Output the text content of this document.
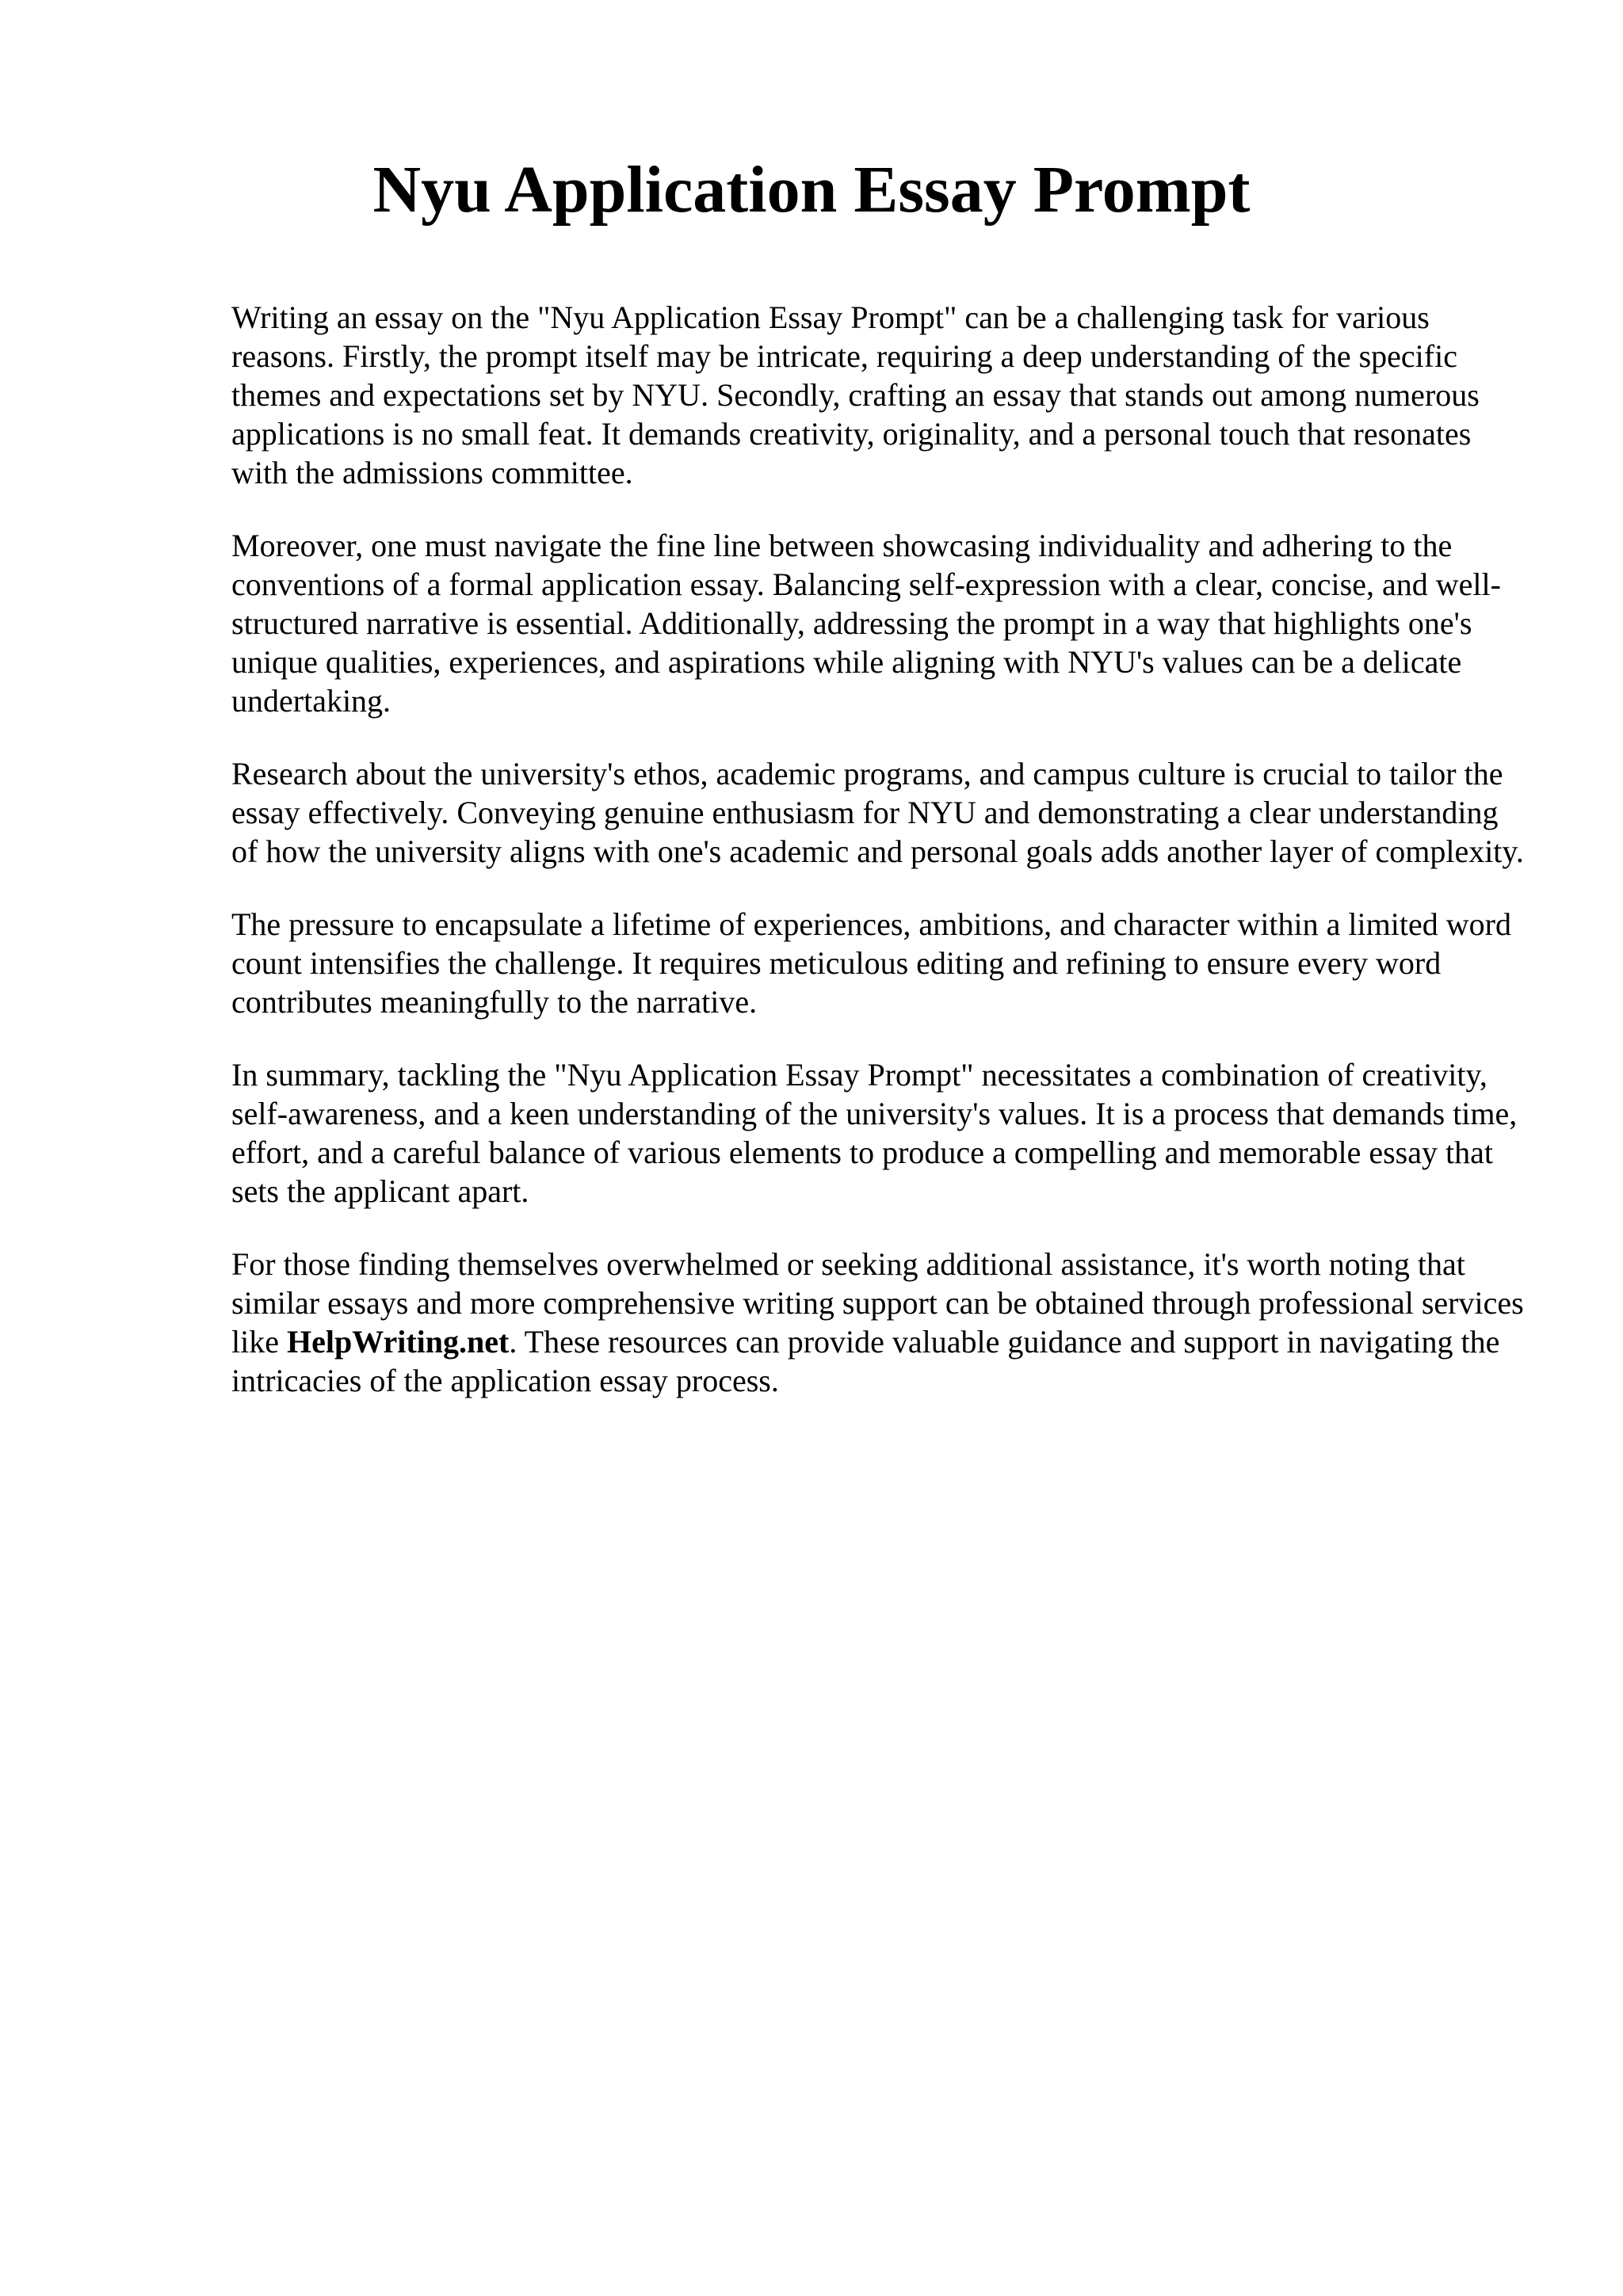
Nyu Application Essay Prompt

Writing an essay on the "Nyu Application Essay Prompt" can be a challenging task for various reasons. Firstly, the prompt itself may be intricate, requiring a deep understanding of the specific themes and expectations set by NYU. Secondly, crafting an essay that stands out among numerous applications is no small feat. It demands creativity, originality, and a personal touch that resonates with the admissions committee.

Moreover, one must navigate the fine line between showcasing individuality and adhering to the conventions of a formal application essay. Balancing self-expression with a clear, concise, and well-structured narrative is essential. Additionally, addressing the prompt in a way that highlights one's unique qualities, experiences, and aspirations while aligning with NYU's values can be a delicate undertaking.

Research about the university's ethos, academic programs, and campus culture is crucial to tailor the essay effectively. Conveying genuine enthusiasm for NYU and demonstrating a clear understanding of how the university aligns with one's academic and personal goals adds another layer of complexity.

The pressure to encapsulate a lifetime of experiences, ambitions, and character within a limited word count intensifies the challenge. It requires meticulous editing and refining to ensure every word contributes meaningfully to the narrative.

In summary, tackling the "Nyu Application Essay Prompt" necessitates a combination of creativity, self-awareness, and a keen understanding of the university's values. It is a process that demands time, effort, and a careful balance of various elements to produce a compelling and memorable essay that sets the applicant apart.

For those finding themselves overwhelmed or seeking additional assistance, it's worth noting that similar essays and more comprehensive writing support can be obtained through professional services like HelpWriting.net. These resources can provide valuable guidance and support in navigating the intricacies of the application essay process.
